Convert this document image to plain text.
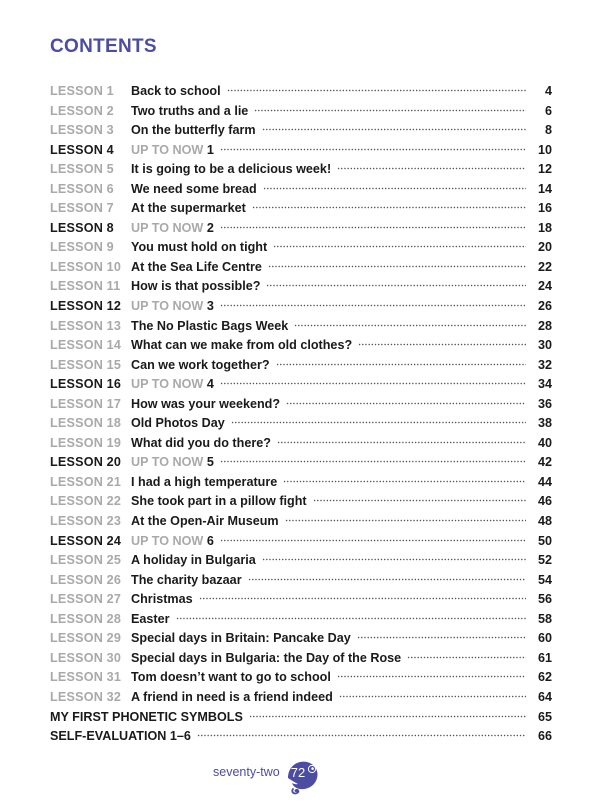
CONTENTS
LESSON 1	Back to school	4
LESSON 2	Two truths and a lie	6
LESSON 3	On the butterfly farm	8
LESSON 4	UP TO NOW 1	10
LESSON 5	It is going to be a delicious week!	12
LESSON 6	We need some bread	14
LESSON 7	At the supermarket	16
LESSON 8	UP TO NOW 2	18
LESSON 9	You must hold on tight	20
LESSON 10 At the Sea Life Centre	22
LESSON 11 How is that possible?	24
LESSON 12 UP TO NOW 3	26
LESSON 13 The No Plastic Bags Week	28
LESSON 14 What can we make from old clothes?	30
LESSON 15 Can we work together?	32
LESSON 16 UP TO NOW 4	34
LESSON 17 How was your weekend?	36
LESSON 18 Old Photos Day	38
LESSON 19 What did you do there?	40
LESSON 20 UP TO NOW 5	42
LESSON 21 I had a high temperature	44
LESSON 22 She took part in a pillow fight	46
LESSON 23 At the Open-Air Museum	48
LESSON 24 UP TO NOW 6	50
LESSON 25 A holiday in Bulgaria	52
LESSON 26 The charity bazaar	54
LESSON 27 Christmas	56
LESSON 28 Easter	58
LESSON 29 Special days in Britain: Pancake Day	60
LESSON 30 Special days in Bulgaria: the Day of the Rose	61
LESSON 31 Tom doesn’t want to go to school	62
LESSON 32 A friend in need is a friend indeed	64
MY FIRST PHONETIC SYMBOLS	65
SELF-EVALUATION 1–6	66
seventy-two 72
